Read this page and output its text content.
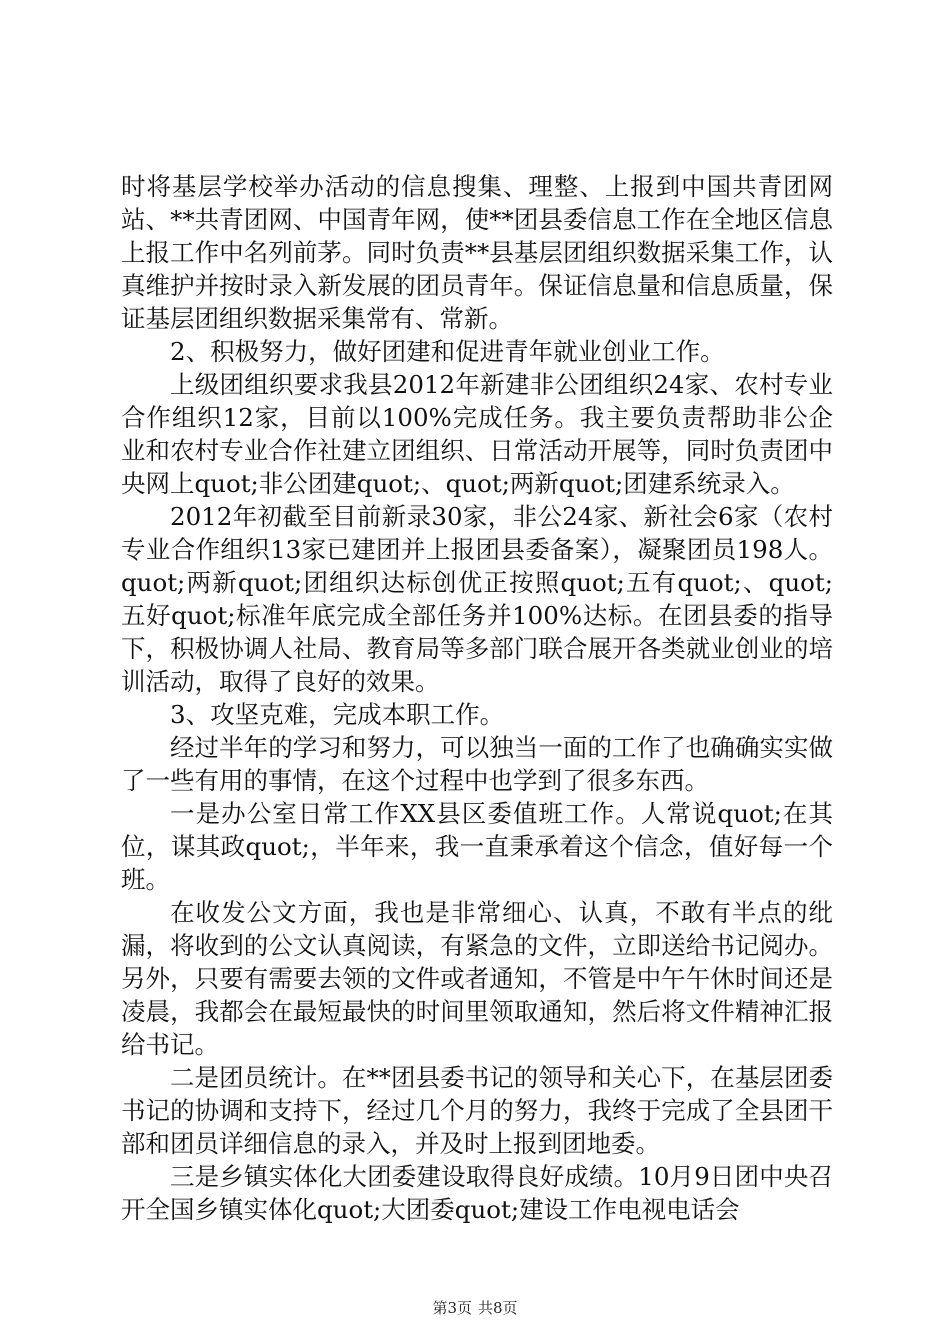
时将基层学校举办活动的信息搜集、理整、上报到中国共青团网站、**共青团网、中国青年网，使**团县委信息工作在全地区信息上报工作中名列前茅。同时负责**县基层团组织数据采集工作，认真维护并按时录入新发展的团员青年。保证信息量和信息质量，保证基层团组织数据采集常有、常新。

2、积极努力，做好团建和促进青年就业创业工作。

上级团组织要求我县2012年新建非公团组织24家、农村专业合作组织12家，目前以100%完成任务。我主要负责帮助非公企业和农村专业合作社建立团组织、日常活动开展等，同时负责团中央网上quot;非公团建quot;、quot;两新quot;团建系统录入。

2012年初截至目前新录30家，非公24家、新社会6家（农村专业合作组织13家已建团并上报团县委备案），凝聚团员198人。quot;两新quot;团组织达标创优正按照quot;五有quot;、quot;五好quot;标准年底完成全部任务并100%达标。在团县委的指导下，积极协调人社局、教育局等多部门联合展开各类就业创业的培训活动，取得了良好的效果。

3、攻坚克难，完成本职工作。

经过半年的学习和努力，可以独当一面的工作了也确确实实做了一些有用的事情，在这个过程中也学到了很多东西。

一是办公室日常工作XX县区委值班工作。人常说quot;在其位，谋其政quot;，半年来，我一直秉承着这个信念，值好每一个班。

在收发公文方面，我也是非常细心、认真，不敢有半点的纰漏，将收到的公文认真阅读，有紧急的文件，立即送给书记阅办。另外，只要有需要去领的文件或者通知，不管是中午午休时间还是凌晨，我都会在最短最快的时间里领取通知，然后将文件精神汇报给书记。

二是团员统计。在**团县委书记的领导和关心下，在基层团委书记的协调和支持下，经过几个月的努力，我终于完成了全县团干部和团员详细信息的录入，并及时上报到团地委。

三是乡镇实体化大团委建设取得良好成绩。10月9日团中央召开全国乡镇实体化quot;大团委quot;建设工作电视电话会

第3页 共8页
